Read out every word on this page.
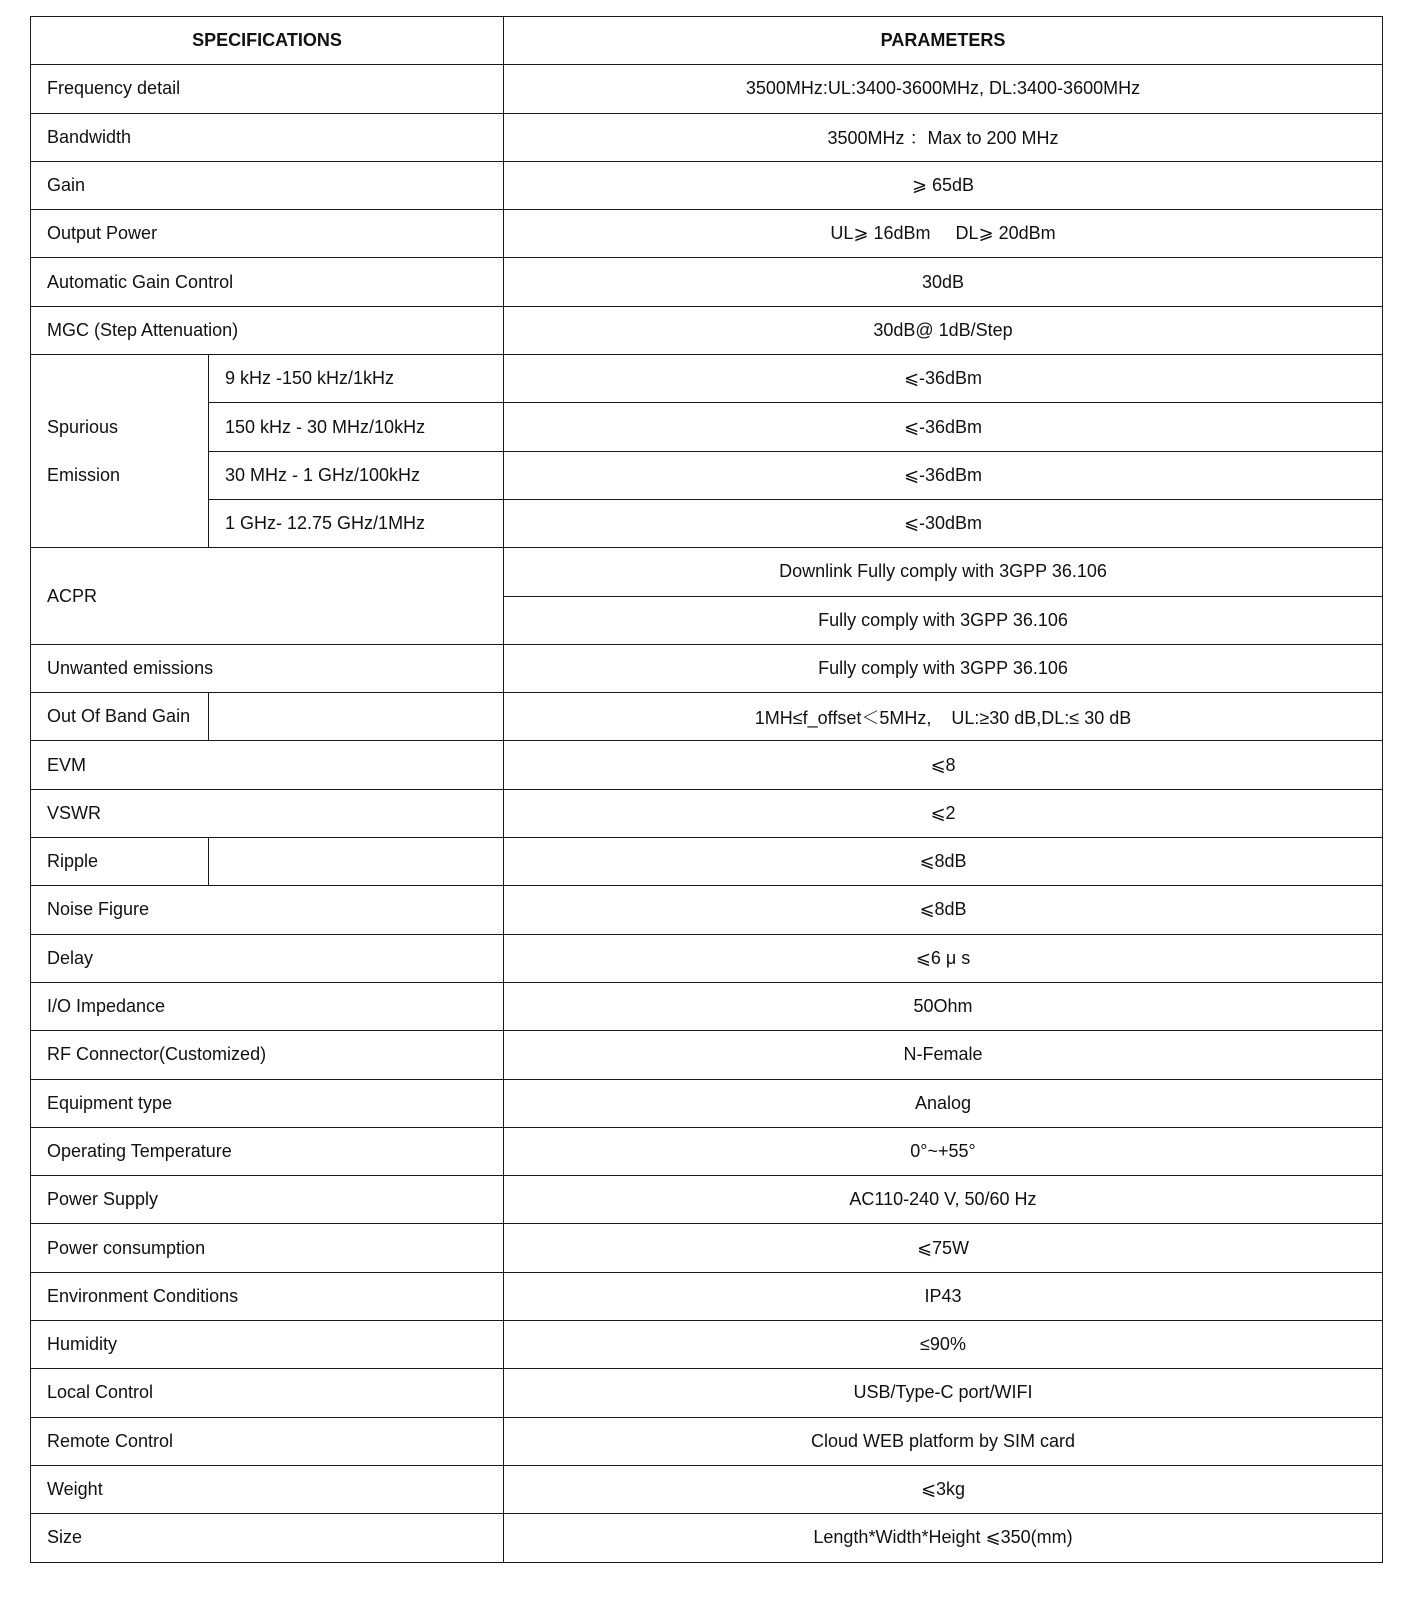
SPECIFICATIONS		PARAMETERS
Frequency detail		3500MHz:UL:3400-3600MHz, DL:3400-3600MHz
Bandwidth		3500MHz ：Max to 200 MHz
Gain		⩾ 65dB
Output Power		UL⩾ 16dBm     DL⩾ 20dBm
Automatic Gain Control		30dB
MGC (Step Attenuation)		30dB@ 1dB/Step

Spurious
Emission	9 kHz -150 kHz/1kHz	⩽-36dBm
	150 kHz - 30 MHz/10kHz	⩽-36dBm
	30 MHz - 1 GHz/100kHz	⩽-36dBm
	1 GHz- 12.75 GHz/1MHz	⩽-30dBm
ACPR		Downlink Fully comply with 3GPP 36.106
		Fully comply with 3GPP 36.106
Unwanted emissions		Fully comply with 3GPP 36.106
Out Of Band Gain		1MH≤f_offset＜5MHz,    UL:≥30 dB,DL:≤ 30 dB
EVM		⩽8
VSWR		⩽2
Ripple		⩽8dB
Noise Figure		⩽8dB
Delay		⩽6 μ s
I/O Impedance		50Ohm
RF Connector(Customized)		N-Female
Equipment type		Analog
Operating Temperature		0°~+55°
Power Supply		AC110-240 V, 50/60 Hz
Power consumption		⩽75W
Environment Conditions		IP43
Humidity		≤90%
Local Control		USB/Type-C port/WIFI
Remote Control		Cloud WEB platform by SIM card
Weight		⩽3kg
Size		Length*Width*Height ⩽350(mm)
